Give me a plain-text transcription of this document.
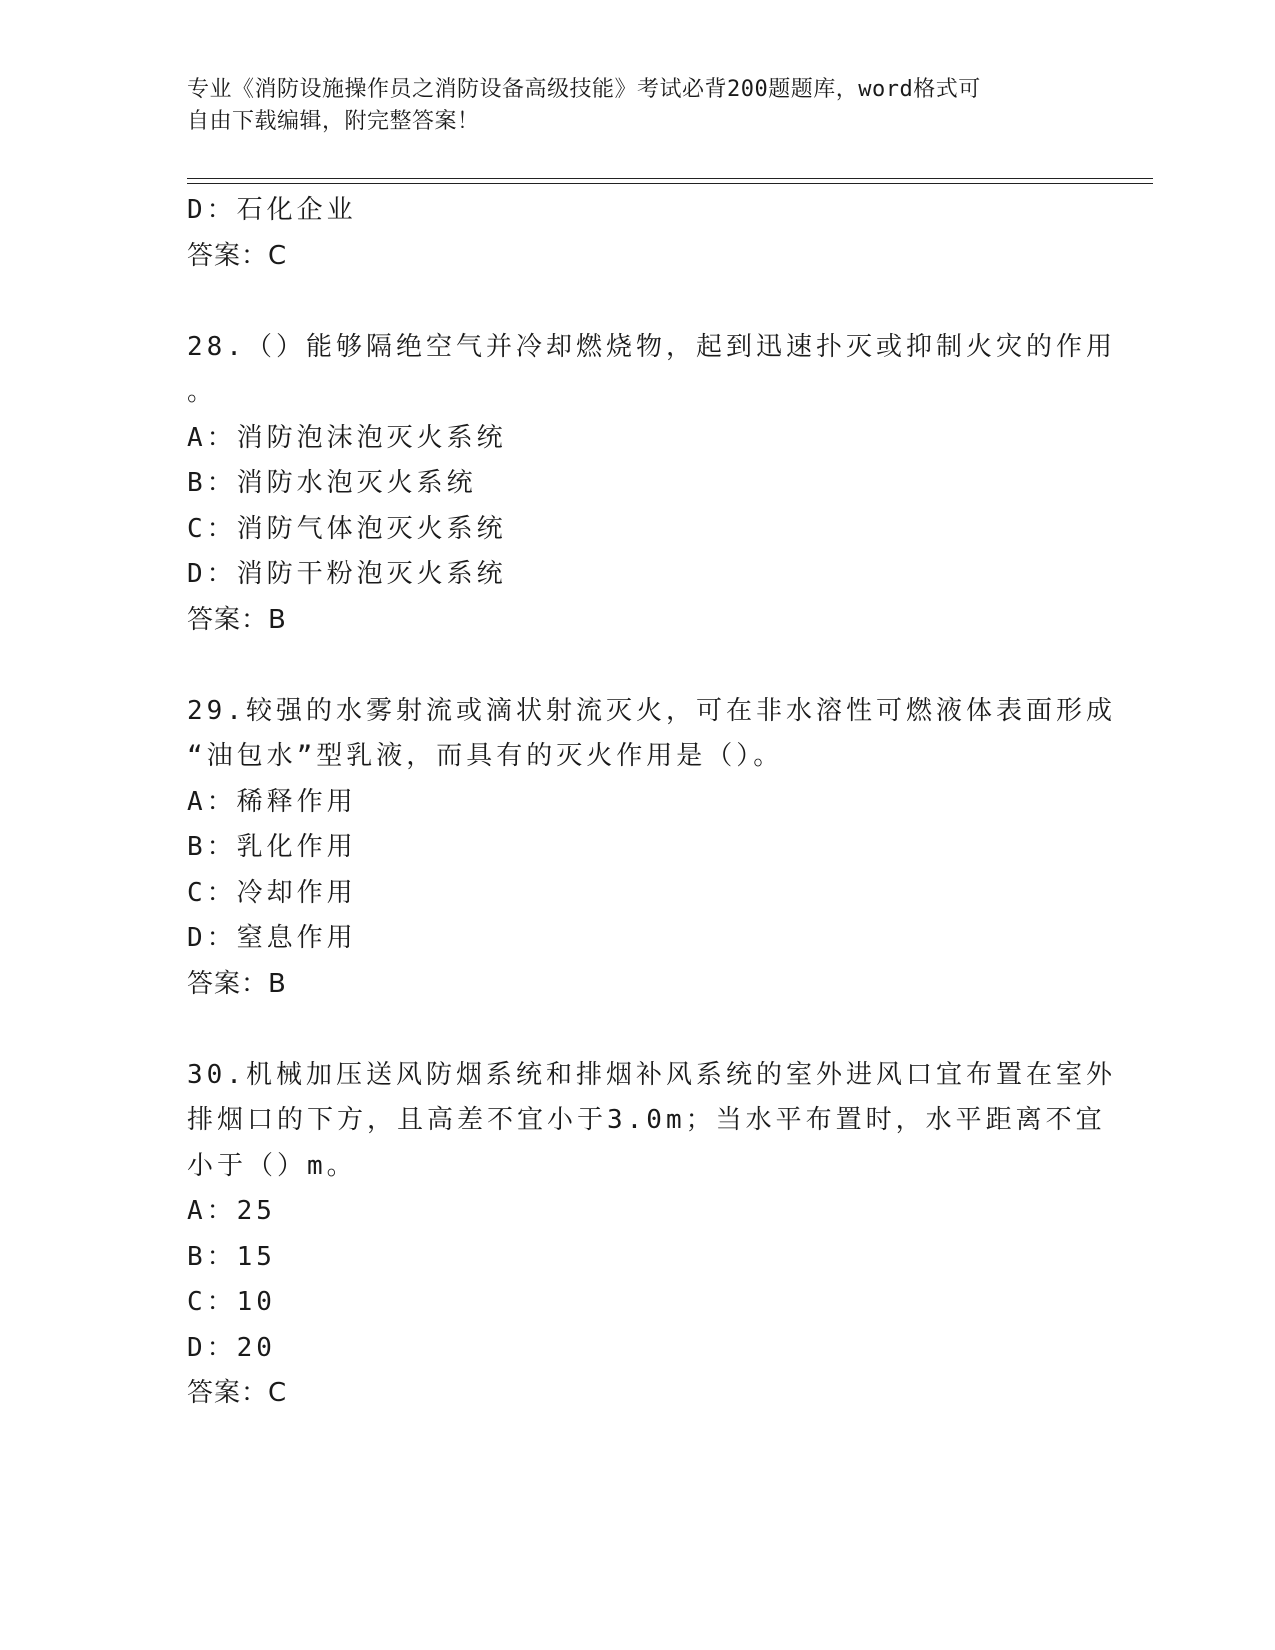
专业《消防设施操作员之消防设备高级技能》考试必背200题题库，word格式可
自由下载编辑，附完整答案！
D：石化企业
答案：C
28.（）能够隔绝空气并冷却燃烧物，起到迅速扑灭或抑制火灾的作用
。
A：消防泡沫泡灭火系统
B：消防水泡灭火系统
C：消防气体泡灭火系统
D：消防干粉泡灭火系统
答案：B
29.较强的水雾射流或滴状射流灭火，可在非水溶性可燃液体表面形成
“油包水”型乳液，而具有的灭火作用是（）。
A：稀释作用
B：乳化作用
C：冷却作用
D：窒息作用
答案：B
30.机械加压送风防烟系统和排烟补风系统的室外进风口宜布置在室外
排烟口的下方，且高差不宜小于3.0m；当水平布置时，水平距离不宜
小于（）m。
A：25
B：15
C：10
D：20
答案：C
